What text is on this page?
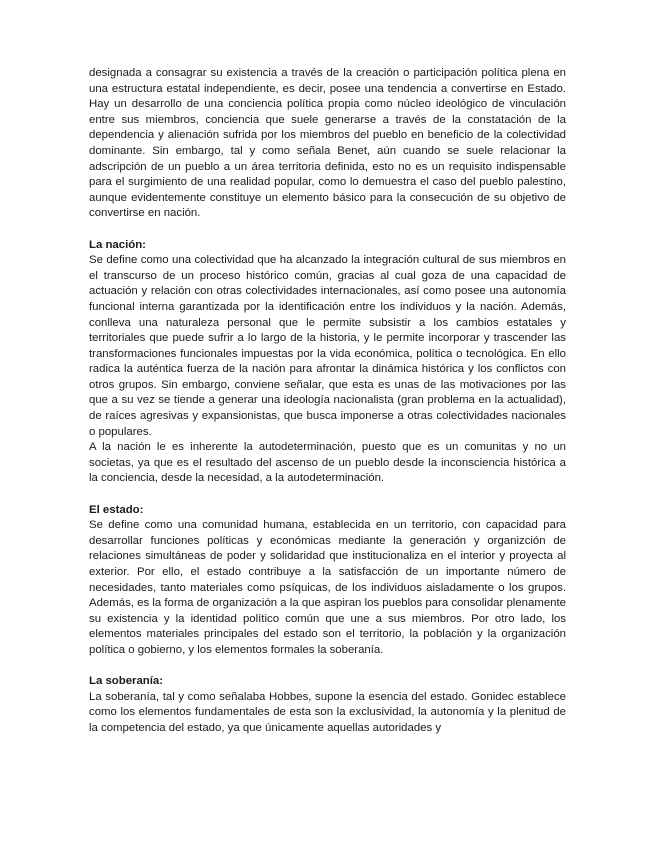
designada a consagrar su existencia a través de la creación o participación política plena en una estructura estatal independiente, es decir, posee una tendencia a convertirse en Estado. Hay un desarrollo de una conciencia política propia como núcleo ideológico de vinculación entre sus miembros, conciencia que suele generarse a través de la constatación de la dependencia y alienación sufrida por los miembros del pueblo en beneficio de la colectividad dominante. Sin embargo, tal y como señala Benet, aún cuando se suele relacionar la adscripción de un pueblo a un área territoria definida, esto no es un requisito indispensable para el surgimiento de una realidad popular, como lo demuestra el caso del pueblo palestino, aunque evidentemente constituye un elemento básico para la consecución de su objetivo de convertirse en nación.

La nación:

Se define como una colectividad que ha alcanzado la integración cultural de sus miembros en el transcurso de un proceso histórico común, gracias al cual goza de una capacidad de actuación y relación con otras colectividades internacionales, así como posee una autonomía funcional interna garantizada por la identificación entre los individuos y la nación. Además, conlleva una naturaleza personal que le permite subsistir a los cambios estatales y territoriales que puede sufrir a lo largo de la historia, y le permite incorporar y trascender las transformaciones funcionales impuestas por la vida económica, política o tecnológica. En ello radica la auténtica fuerza de la nación para afrontar la dinámica histórica y los conflictos con otros grupos. Sin embargo, conviene señalar, que esta es unas de las motivaciones por las que a su vez se tiende a generar una ideología nacionalista (gran problema en la actualidad), de raíces agresivas y expansionistas, que busca imponerse a otras colectividades nacionales o populares.

A la nación le es inherente la autodeterminación, puesto que es un comunitas y no un societas, ya que es el resultado del ascenso de un pueblo desde la inconsciencia histórica a la conciencia, desde la necesidad, a la autodeterminación.

El estado:

Se define como una comunidad humana, establecida en un territorio, con capacidad para desarrollar funciones políticas y económicas mediante la generación y organizción de relaciones simultáneas de poder y solidaridad que institucionaliza en el interior y proyecta al exterior. Por ello, el estado contribuye a la satisfacción de un importante número de necesidades, tanto materiales como psíquicas, de los individuos aisladamente o los grupos. Además, es la forma de organización a la que aspiran los pueblos para consolidar plenamente su existencia y la identidad político común que une a sus miembros. Por otro lado, los elementos materiales principales del estado son el territorio, la población y la organización política o gobierno, y los elementos formales la soberanía.

La soberanía:

La soberanía, tal y como señalaba Hobbes, supone la esencia del estado. Gonidec establece como los elementos fundamentales de esta son la exclusividad, la autonomía y la plenitud de la competencia del estado, ya que únicamente aquellas autoridades y
